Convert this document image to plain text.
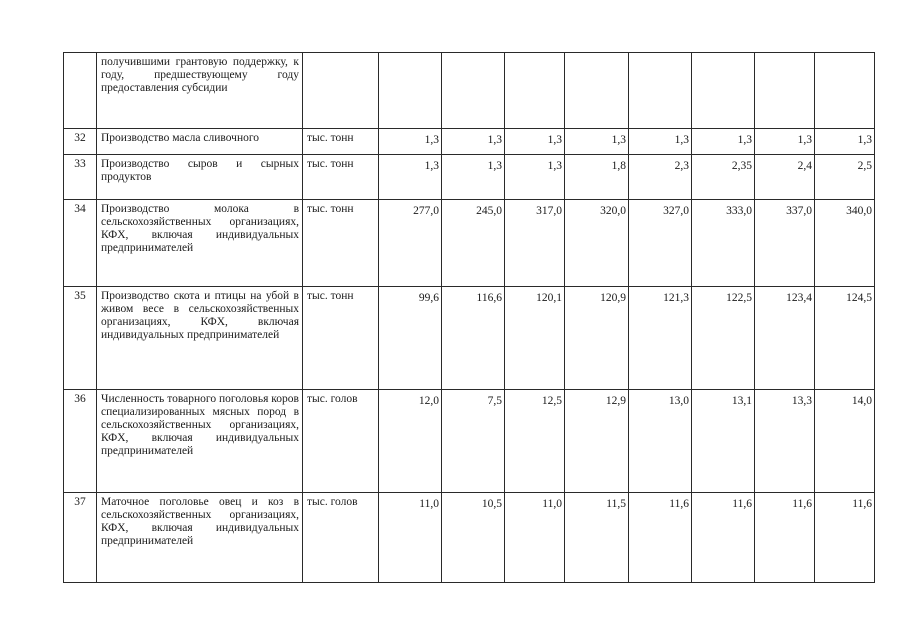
	получившими грантовую поддержку, к году, предшествующему году предоставления субсидии									

32	Производство масла сливочного	тыс. тонн	1,3	1,3	1,3	1,3	1,3	1,3	1,3	1,3
33	Производство сыров и сырных продуктов	тыс. тонн	1,3	1,3	1,3	1,8	2,3	2,35	2,4	2,5
34	Производство молока в сельскохозяйственных организациях, КФХ, включая индивидуальных предпринимателей	тыс. тонн	277,0	245,0	317,0	320,0	327,0	333,0	337,0	340,0
35	Производство скота и птицы на убой в живом весе в сельскохозяйственных организациях, КФХ, включая индивидуальных предпринимателей	тыс. тонн	99,6	116,6	120,1	120,9	121,3	122,5	123,4	124,5
36	Численность товарного поголовья коров специализированных мясных пород в сельскохозяйственных организациях, КФХ, включая индивидуальных предпринимателей	тыс. голов	12,0	7,5	12,5	12,9	13,0	13,1	13,3	14,0
37	Маточное поголовье овец и коз в сельскохозяйственных организациях, КФХ, включая индивидуальных предпринимателей	тыс. голов	11,0	10,5	11,0	11,5	11,6	11,6	11,6	11,6
